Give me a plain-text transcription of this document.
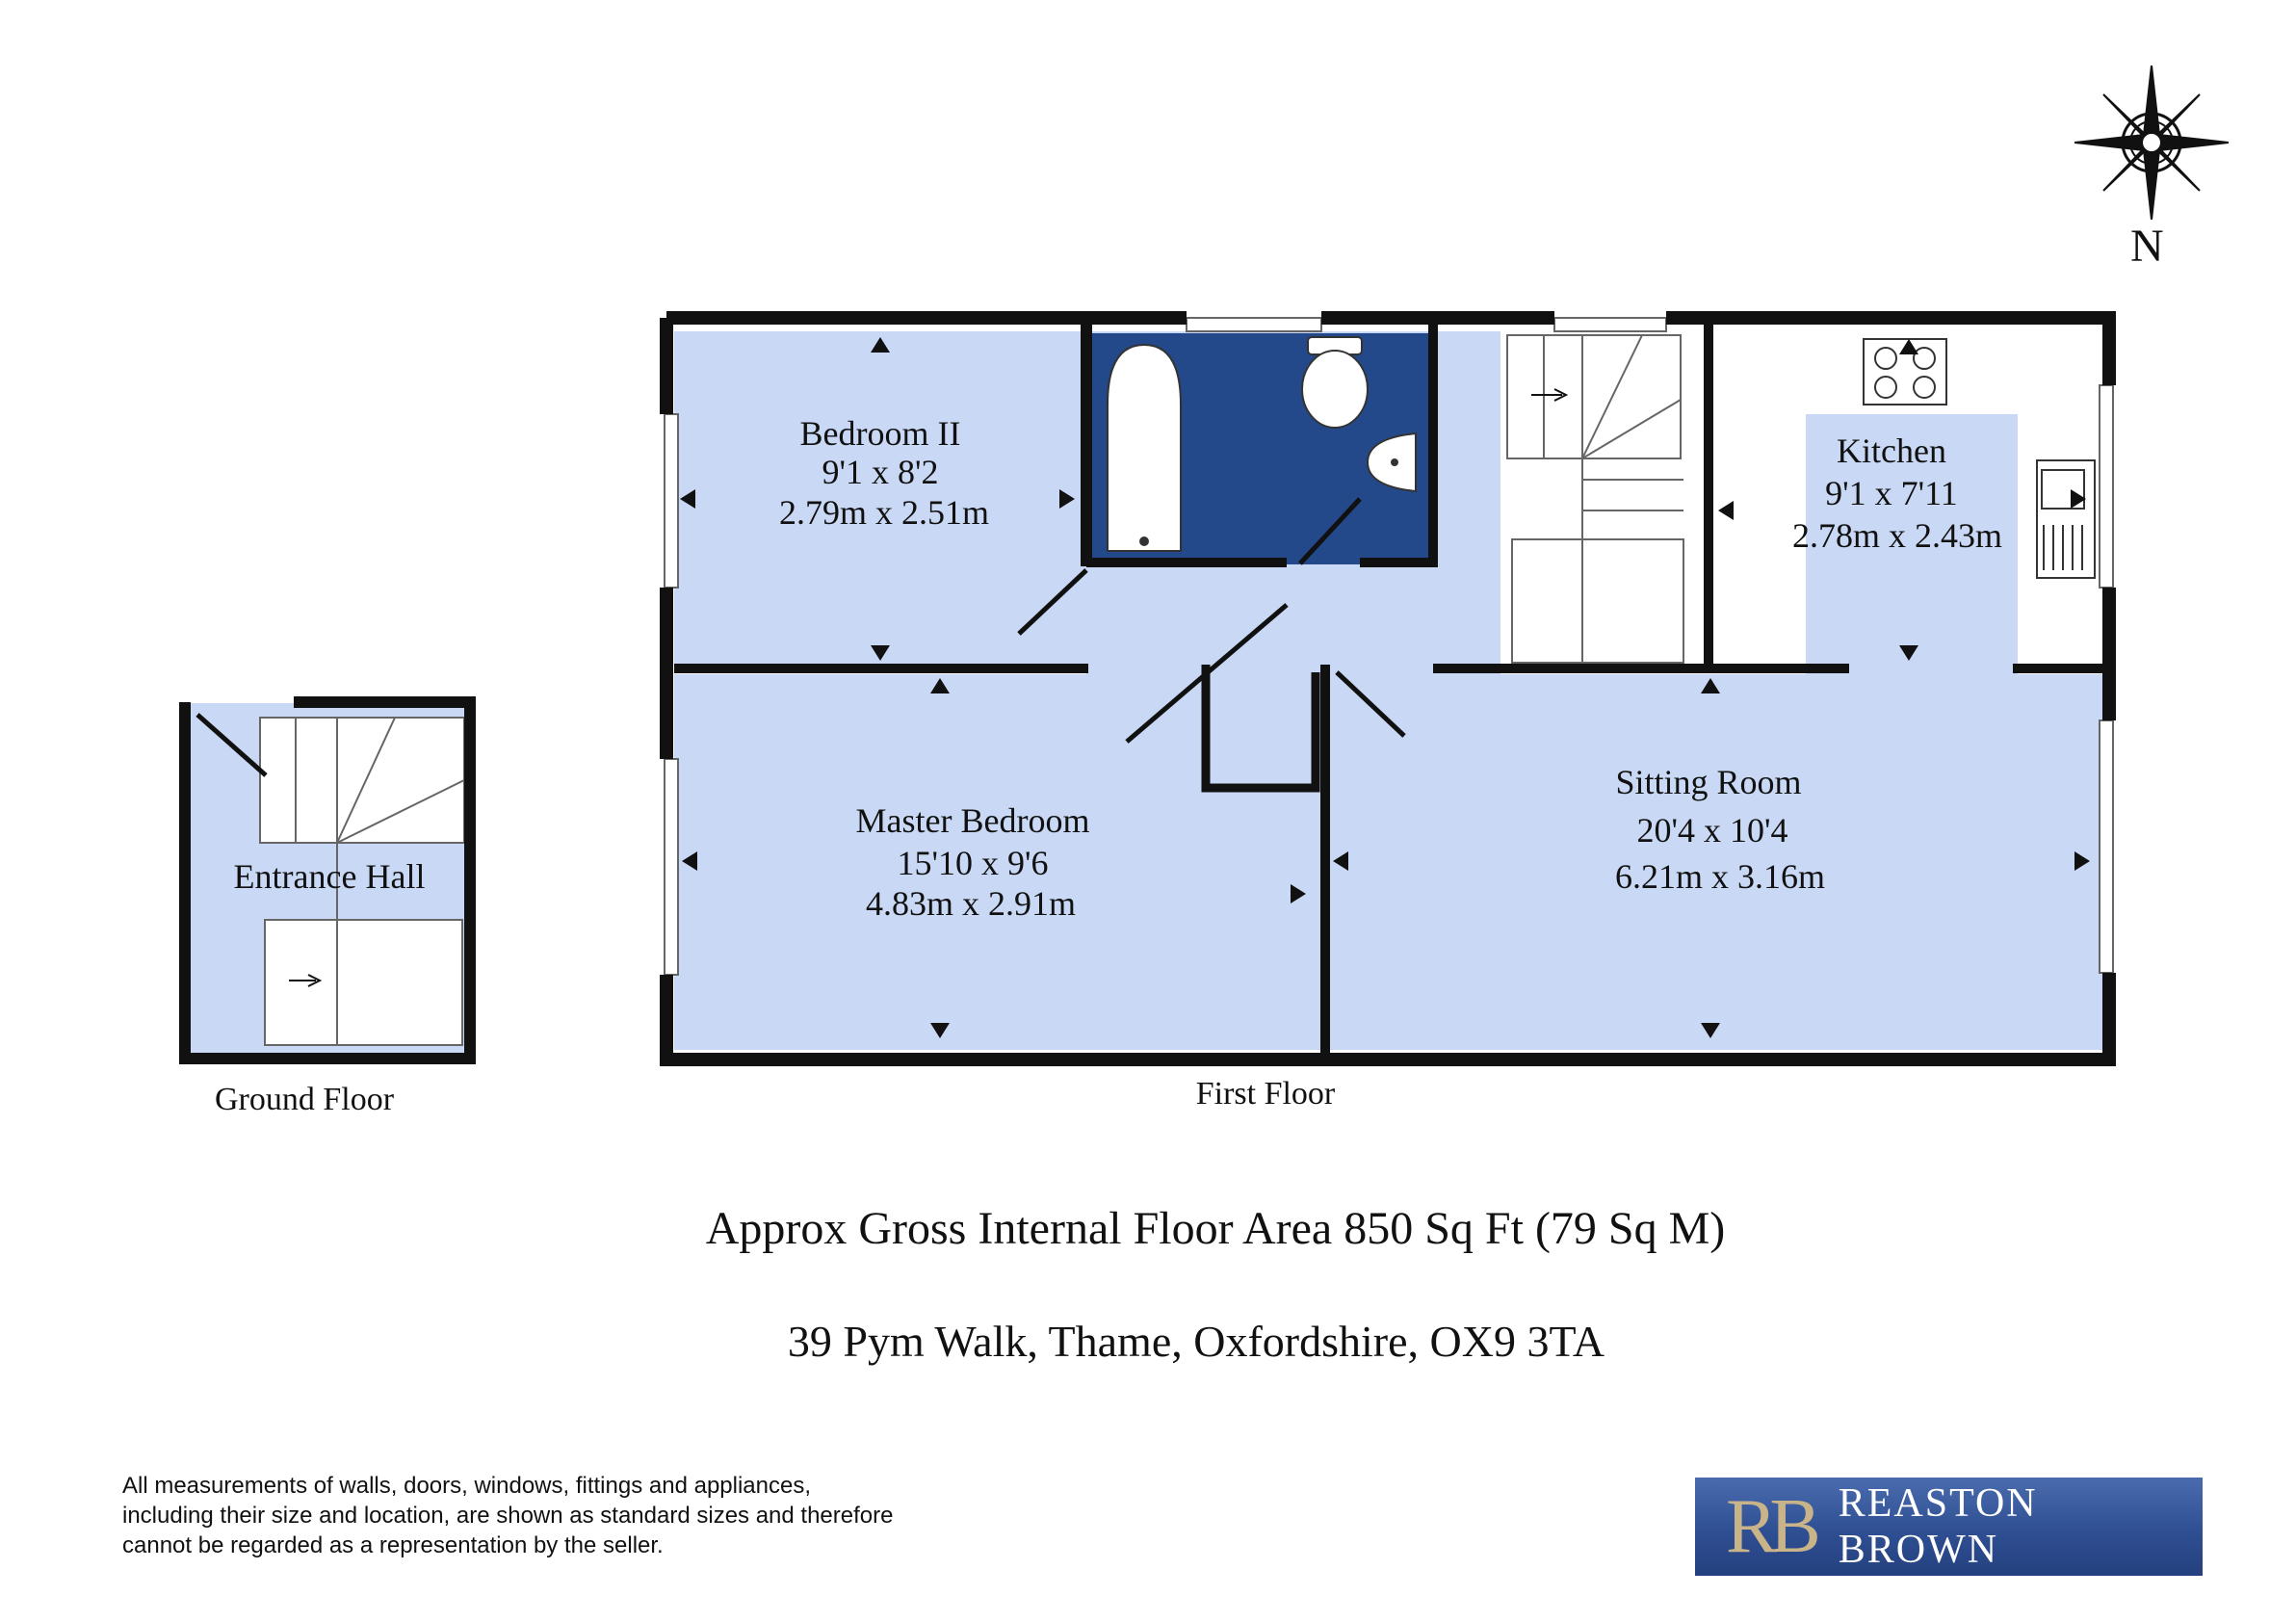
Entrance Hall
Ground Floor
Bedroom II
9'1 x 8'2
2.79m x 2.51m
Kitchen
9'1 x 7'11
2.78m x 2.43m
Master Bedroom
15'10 x 9'6
4.83m x 2.91m
Sitting Room
20'4 x 10'4
6.21m x 3.16m
First Floor
N
Approx Gross Internal Floor Area 850 Sq Ft (79 Sq M)
39 Pym Walk, Thame, Oxfordshire, OX9 3TA
All measurements of walls, doors, windows, fittings and appliances,
including their size and location, are shown as standard sizes and therefore
cannot be regarded as a representation by the seller.	RB REASTON BROWN
